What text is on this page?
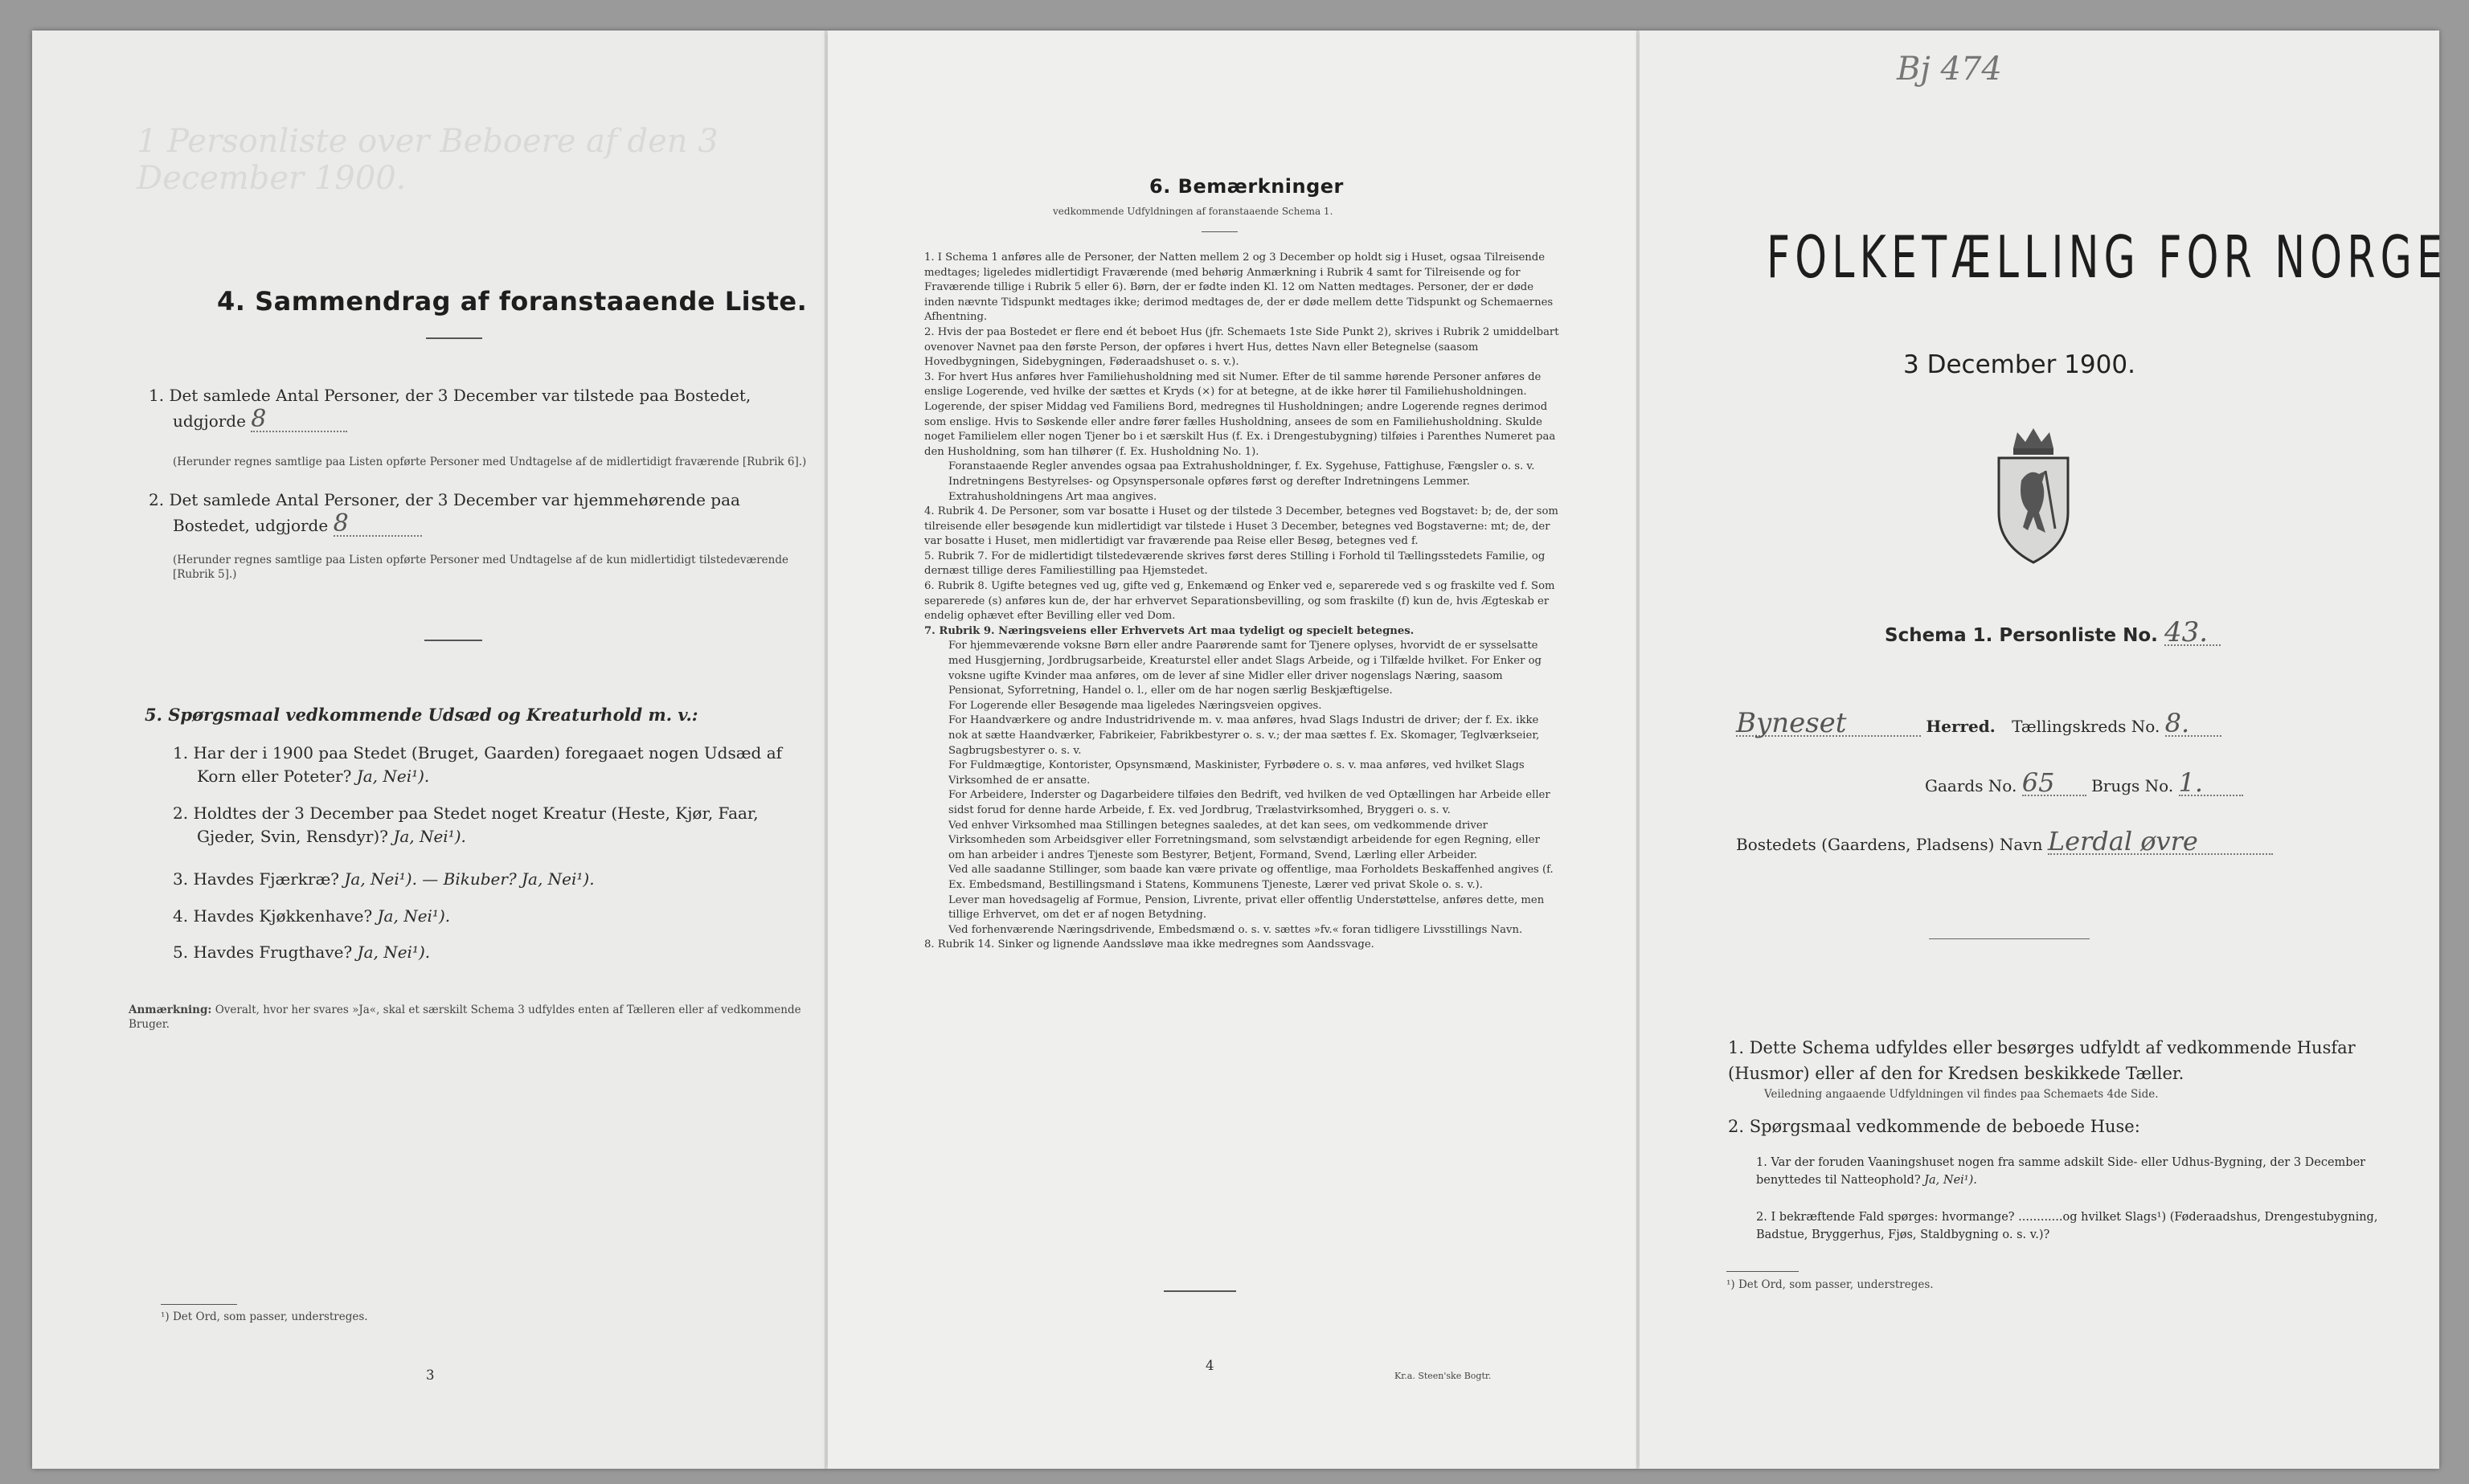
1 Personliste over Beboere af den 3 December 1900.
4. Sammendrag af foranstaaende Liste.
1. Det samlede Antal Personer, der 3 December var tilstede paa Bostedet,
udgjorde 8
(Herunder regnes samtlige paa Listen opførte Personer med Undtagelse af de midlertidigt fraværende [Rubrik 6].)
2. Det samlede Antal Personer, der 3 December var hjemmehørende paa
Bostedet, udgjorde 8
(Herunder regnes samtlige paa Listen opførte Personer med Undtagelse af de kun midlertidigt tilstedeværende [Rubrik 5].)
5. Spørgsmaal vedkommende Udsæd og Kreaturhold m. v.:
1. Har der i 1900 paa Stedet (Bruget, Gaarden) foregaaet nogen Udsæd af
Korn eller Poteter? Ja, Nei¹).
2. Holdtes der 3 December paa Stedet noget Kreatur (Heste, Kjør, Faar,
Gjeder, Svin, Rensdyr)? Ja, Nei¹).
3. Havdes Fjærkræ? Ja, Nei¹). — Bikuber? Ja, Nei¹).
4. Havdes Kjøkkenhave? Ja, Nei¹).
5. Havdes Frugthave? Ja, Nei¹).
Anmærkning: Overalt, hvor her svares »Ja«, skal et særskilt Schema 3 udfyldes enten af Tælleren eller af vedkommende Bruger.
¹) Det Ord, som passer, understreges.
3
6. Bemærkninger
vedkommende Udfyldningen af foranstaaende Schema 1.

1. I Schema 1 anføres alle de Personer, der Natten mellem 2 og 3 December op holdt sig i Huset, ogsaa Tilreisende medtages; ligeledes midlertidigt Fraværende (med behørig Anmærkning i Rubrik 4 samt for Tilreisende og for Fraværende tillige i Rubrik 5 eller 6). Børn, der er fødte inden Kl. 12 om Natten medtages. Personer, der er døde inden nævnte Tidspunkt medtages ikke; derimod medtages de, der er døde mellem dette Tidspunkt og Schemaernes Afhentning.

2. Hvis der paa Bostedet er flere end ét beboet Hus (jfr. Schemaets 1ste Side Punkt 2), skrives i Rubrik 2 umiddelbart ovenover Navnet paa den første Person, der opføres i hvert Hus, dettes Navn eller Betegnelse (saasom Hovedbygningen, Sidebygningen, Føderaadshuset o. s. v.).

3. For hvert Hus anføres hver Familiehusholdning med sit Numer. Efter de til samme hørende Personer anføres de enslige Logerende, ved hvilke der sættes et Kryds (×) for at betegne, at de ikke hører til Familiehusholdningen. Logerende, der spiser Middag ved Familiens Bord, medregnes til Husholdningen; andre Logerende regnes derimod som enslige. Hvis to Søskende eller andre fører fælles Husholdning, ansees de som en Familiehusholdning. Skulde noget Familielem eller nogen Tjener bo i et særskilt Hus (f. Ex. i Drengestubygning) tilføies i Parenthes Numeret paa den Husholdning, som han tilhører (f. Ex. Husholdning No. 1).

Foranstaaende Regler anvendes ogsaa paa Extrahusholdninger, f. Ex. Sygehuse, Fattighuse, Fængsler o. s. v. Indretningens Bestyrelses- og Opsynspersonale opføres først og derefter Indretningens Lemmer. Extrahusholdningens Art maa angives.

4. Rubrik 4. De Personer, som var bosatte i Huset og der tilstede 3 December, betegnes ved Bogstavet: b; de, der som tilreisende eller besøgende kun midlertidigt var tilstede i Huset 3 December, betegnes ved Bogstaverne: mt; de, der var bosatte i Huset, men midlertidigt var fraværende paa Reise eller Besøg, betegnes ved f.

5. Rubrik 7. For de midlertidigt tilstedeværende skrives først deres Stilling i Forhold til Tællingsstedets Familie, og dernæst tillige deres Familiestilling paa Hjemstedet.

6. Rubrik 8. Ugifte betegnes ved ug, gifte ved g, Enkemænd og Enker ved e, separerede ved s og fraskilte ved f. Som separerede (s) anføres kun de, der har erhvervet Separationsbevilling, og som fraskilte (f) kun de, hvis Ægteskab er endelig ophævet efter Bevilling eller ved Dom.

7. Rubrik 9. Næringsveiens eller Erhvervets Art maa tydeligt og specielt betegnes.

For hjemmeværende voksne Børn eller andre Paarørende samt for Tjenere oplyses, hvorvidt de er sysselsatte med Husgjerning, Jordbrugsarbeide, Kreaturstel eller andet Slags Arbeide, og i Tilfælde hvilket. For Enker og voksne ugifte Kvinder maa anføres, om de lever af sine Midler eller driver nogenslags Næring, saasom Pensionat, Syforretning, Handel o. l., eller om de har nogen særlig Beskjæftigelse.

For Logerende eller Besøgende maa ligeledes Næringsveien opgives.

For Haandværkere og andre Industridrivende m. v. maa anføres, hvad Slags Industri de driver; der f. Ex. ikke nok at sætte Haandværker, Fabrikeier, Fabrikbestyrer o. s. v.; der maa sættes f. Ex. Skomager, Teglværkseier, Sagbrugsbestyrer o. s. v.

For Fuldmægtige, Kontorister, Opsynsmænd, Maskinister, Fyrbødere o. s. v. maa anføres, ved hvilket Slags Virksomhed de er ansatte.

For Arbeidere, Inderster og Dagarbeidere tilføies den Bedrift, ved hvilken de ved Optællingen har Arbeide eller sidst forud for denne harde Arbeide, f. Ex. ved Jordbrug, Trælastvirksomhed, Bryggeri o. s. v.

Ved enhver Virksomhed maa Stillingen betegnes saaledes, at det kan sees, om vedkommende driver Virksomheden som Arbeidsgiver eller Forretningsmand, som selvstændigt arbeidende for egen Regning, eller om han arbeider i andres Tjeneste som Bestyrer, Betjent, Formand, Svend, Lærling eller Arbeider.

Ved alle saadanne Stillinger, som baade kan være private og offentlige, maa Forholdets Beskaffenhed angives (f. Ex. Embedsmand, Bestillingsmand i Statens, Kommunens Tjeneste, Lærer ved privat Skole o. s. v.).

Lever man hovedsagelig af Formue, Pension, Livrente, privat eller offentlig Understøttelse, anføres dette, men tillige Erhvervet, om det er af nogen Betydning.

Ved forhenværende Næringsdrivende, Embedsmænd o. s. v. sættes »fv.« foran tidligere Livsstillings Navn.

8. Rubrik 14. Sinker og lignende Aandssløve maa ikke medregnes som Aandssvage.

4
Kr.a. Steen'ske Bogtr.
Bj 474
FOLKETÆLLING FOR NORGE
3 December 1900.
Schema 1. Personliste No. 43.
Byneset	Herred. Tællingskreds No. 8.
Gaards No. 65 Brugs No. 1.
Bostedets (Gaardens, Pladsens) Navn Lerdal øvre
1. Dette Schema udfyldes eller besørges udfyldt af vedkommende Husfar (Husmor) eller af den for Kredsen beskikkede Tæller.
Veiledning angaaende Udfyldningen vil findes paa Schemaets 4de Side.
2. Spørgsmaal vedkommende de beboede Huse:
1. Var der foruden Vaaningshuset nogen fra samme adskilt Side- eller Udhus-Bygning, der 3 December benyttedes til Natteophold? Ja, Nei¹).
2. I bekræftende Fald spørges: hvormange? ............og hvilket Slags¹) (Føderaadshus, Drengestubygning, Badstue, Bryggerhus, Fjøs, Staldbygning o. s. v.)?
¹) Det Ord, som passer, understreges.
